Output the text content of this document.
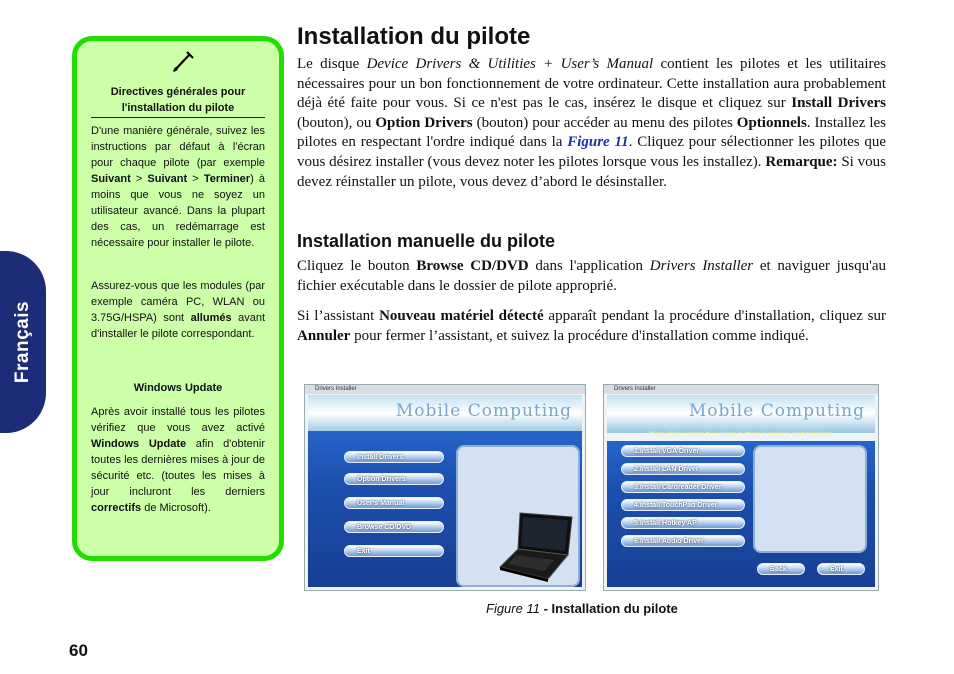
Français
Directives générales pour l'installation du pilote
D'une manière générale, suivez les instructions par défaut à l'écran pour chaque pilote (par exemple Suivant > Suivant > Terminer) à moins que vous ne soyez un utilisateur avancé. Dans la plupart des cas, un redémarrage est nécessaire pour installer le pilote.
Assurez-vous que les modules (par exemple caméra PC, WLAN ou 3.75G/HSPA) sont allumés avant d'installer le pilote correspondant.
Windows Update
Après avoir installé tous les pilotes vérifiez que vous avez activé Windows Update afin d'obtenir toutes les dernières mises à jour de sécurité etc. (toutes les mises à jour incluront les derniers correctifs de Microsoft).
Installation du pilote

Le disque Device Drivers & Utilities + User’s Manual contient les pilotes et les utilitaires nécessaires pour un bon fonctionnement de votre ordinateur. Cette installation aura probablement déjà été faite pour vous. Si ce n'est pas le cas, insérez le disque et cliquez sur Install Drivers (bouton), ou Option Drivers (bouton) pour accéder au menu des pilotes Optionnels. Installez les pilotes en respectant l'ordre indiqué dans la Figure 11. Cliquez pour sélectionner les pilotes que vous désirez installer (vous devez noter les pilotes lorsque vous les installez). Remarque: Si vous devez réinstaller un pilote, vous devez d’abord le désinstaller.

Installation manuelle du pilote

Cliquez le bouton Browse CD/DVD dans l'application Drivers Installer et naviguer jusqu'au fichier exécutable dans le dossier de pilote approprié.

Si l’assistant Nouveau matériel détecté apparaît pendant la procédure d'installation, cliquez sur Annuler pour fermer l’assistant, et suivez la procédure d'installation comme indiqué.

Drivers Installer
Mobile Computing
Install Drivers
Option Drivers
User's Manual
Browse CD/DVD
Exit
Drivers Installer
Mobile Computing
Please follow steps from top to bottom in order to install drivers.
1.Install VGA Driver
2.Install LAN Driver
3.Install Cardreader Driver
4.Install TouchPad Driver
5.Install Hotkey AP
6.Install Audio Driver
Back	Exit
Figure 11 - Installation du pilote
60
